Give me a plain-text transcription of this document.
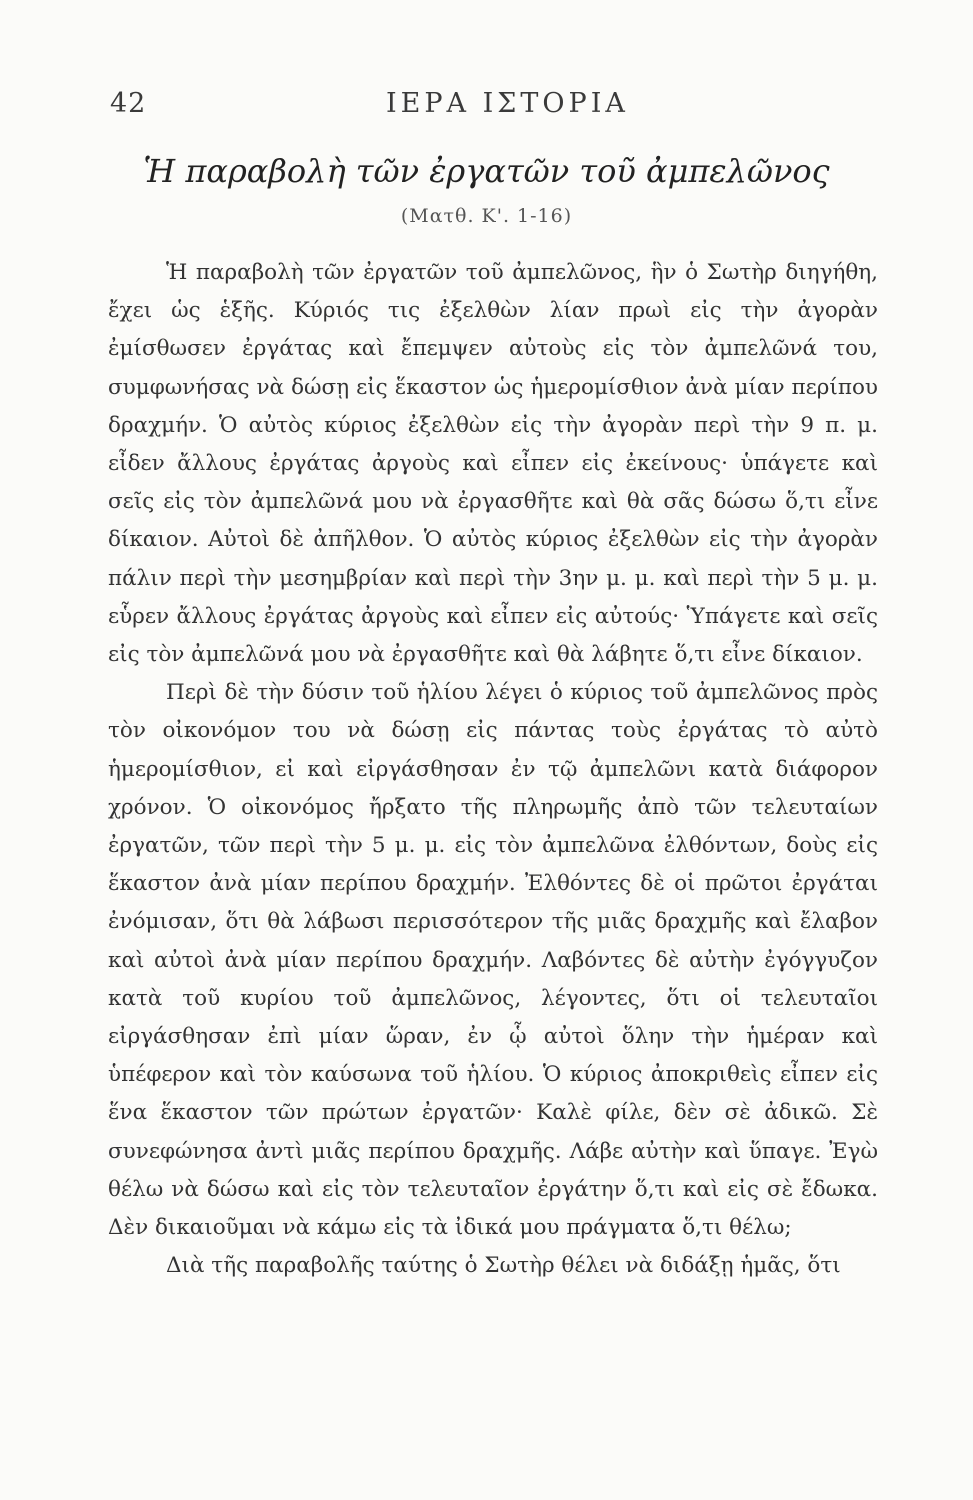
42	ΙΕΡΑ ΙΣΤΟΡΙΑ
Ἡ παραβολὴ τῶν ἐργατῶν τοῦ ἀμπελῶνος
(Ματθ. Κ'. 1-16)

Ἡ παραβολὴ τῶν ἐργατῶν τοῦ ἀμπελῶνος, ἣν ὁ Σωτὴρ διηγήθη, ἔχει ὡς ἑξῆς. Κύριός τις ἐξελθὼν λίαν πρωὶ εἰς τὴν ἀγορὰν ἐμίσθωσεν ἐργάτας καὶ ἔπεμψεν αὐτοὺς εἰς τὸν ἀμπελῶνά του, συμφωνήσας νὰ δώσῃ εἰς ἕκαστον ὡς ἡμερομίσθιον ἀνὰ μίαν περίπου δραχμήν. Ὁ αὐτὸς κύριος ἐξελθὼν εἰς τὴν ἀγορὰν περὶ τὴν 9 π. μ. εἶδεν ἄλλους ἐργάτας ἀργοὺς καὶ εἶπεν εἰς ἐκείνους· ὑπάγετε καὶ σεῖς εἰς τὸν ἀμπελῶνά μου νὰ ἐργασθῆτε καὶ θὰ σᾶς δώσω ὅ,τι εἶνε δίκαιον. Αὐτοὶ δὲ ἀπῆλθον. Ὁ αὐτὸς κύριος ἐξελθὼν εἰς τὴν ἀγορὰν πάλιν περὶ τὴν μεσημβρίαν καὶ περὶ τὴν 3ην μ. μ. καὶ περὶ τὴν 5 μ. μ. εὗρεν ἄλλους ἐργάτας ἀργοὺς καὶ εἶπεν εἰς αὐτούς· Ὑπάγετε καὶ σεῖς εἰς τὸν ἀμπελῶνά μου νὰ ἐργασθῆτε καὶ θὰ λάβητε ὅ,τι εἶνε δίκαιον.

Περὶ δὲ τὴν δύσιν τοῦ ἡλίου λέγει ὁ κύριος τοῦ ἀμπελῶνος πρὸς τὸν οἰκονόμον του νὰ δώσῃ εἰς πάντας τοὺς ἐργάτας τὸ αὐτὸ ἡμερομίσθιον, εἰ καὶ εἰργάσθησαν ἐν τῷ ἀμπελῶνι κατὰ διάφορον χρόνον. Ὁ οἰκονόμος ἤρξατο τῆς πληρωμῆς ἀπὸ τῶν τελευταίων ἐργατῶν, τῶν περὶ τὴν 5 μ. μ. εἰς τὸν ἀμπελῶνα ἐλθόντων, δοὺς εἰς ἕκαστον ἀνὰ μίαν περίπου δραχμήν. Ἐλθόντες δὲ οἱ πρῶτοι ἐργάται ἐνόμισαν, ὅτι θὰ λάβωσι περισσότερον τῆς μιᾶς δραχμῆς καὶ ἔλαβον καὶ αὐτοὶ ἀνὰ μίαν περίπου δραχμήν. Λαβόντες δὲ αὐτὴν ἐγόγγυζον κατὰ τοῦ κυρίου τοῦ ἀμπελῶνος, λέγοντες, ὅτι οἱ τελευταῖοι εἰργάσθησαν ἐπὶ μίαν ὥραν, ἐν ᾧ αὐτοὶ ὅλην τὴν ἡμέραν καὶ ὑπέφερον καὶ τὸν καύσωνα τοῦ ἡλίου. Ὁ κύριος ἀποκριθεὶς εἶπεν εἰς ἕνα ἕκαστον τῶν πρώτων ἐργατῶν· Καλὲ φίλε, δὲν σὲ ἀδικῶ. Σὲ συνεφώνησα ἀντὶ μιᾶς περίπου δραχμῆς. Λάβε αὐτὴν καὶ ὕπαγε. Ἐγὼ θέλω νὰ δώσω καὶ εἰς τὸν τελευταῖον ἐργάτην ὅ,τι καὶ εἰς σὲ ἔδωκα. Δὲν δικαιοῦμαι νὰ κάμω εἰς τὰ ἰδικά μου πράγματα ὅ,τι θέλω;

Διὰ τῆς παραβολῆς ταύτης ὁ Σωτὴρ θέλει νὰ διδάξῃ ἡμᾶς, ὅτι
